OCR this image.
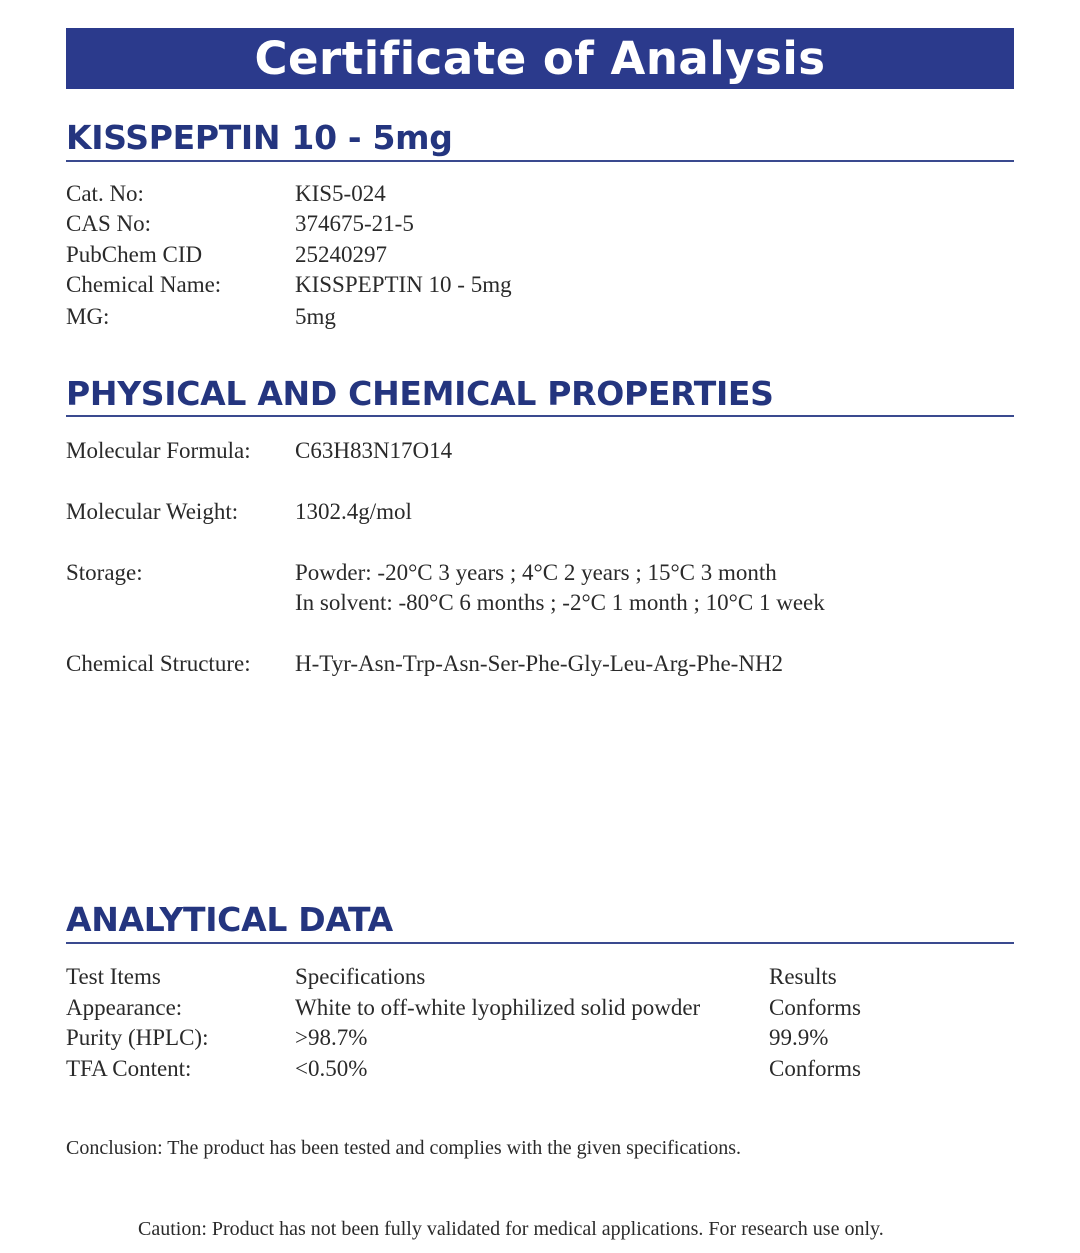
Certificate of Analysis
KISSPEPTIN 10 - 5mg
Cat. No:	KIS5-024
CAS No:	374675-21-5
PubChem CID	25240297
Chemical Name:	KISSPEPTIN 10 - 5mg
MG:	5mg
PHYSICAL AND CHEMICAL PROPERTIES
Molecular Formula: C63H83N17O14
Molecular Weight: 1302.4g/mol
Storage:	Powder: -20°C 3 years ; 4°C 2 years ; 15°C 3 month
In solvent: -80°C 6 months ; -2°C 1 month ; 10°C 1 week
Chemical Structure: H-Tyr-Asn-Trp-Asn-Ser-Phe-Gly-Leu-Arg-Phe-NH2
ANALYTICAL DATA
Test Items	Specifications	Results
Appearance:	White to off-white lyophilized solid powder	Conforms
Purity (HPLC):	>98.7%	99.9%
TFA Content:	<0.50%	Conforms
Conclusion: The product has been tested and complies with the given specifications.
Caution: Product has not been fully validated for medical applications. For research use only.
